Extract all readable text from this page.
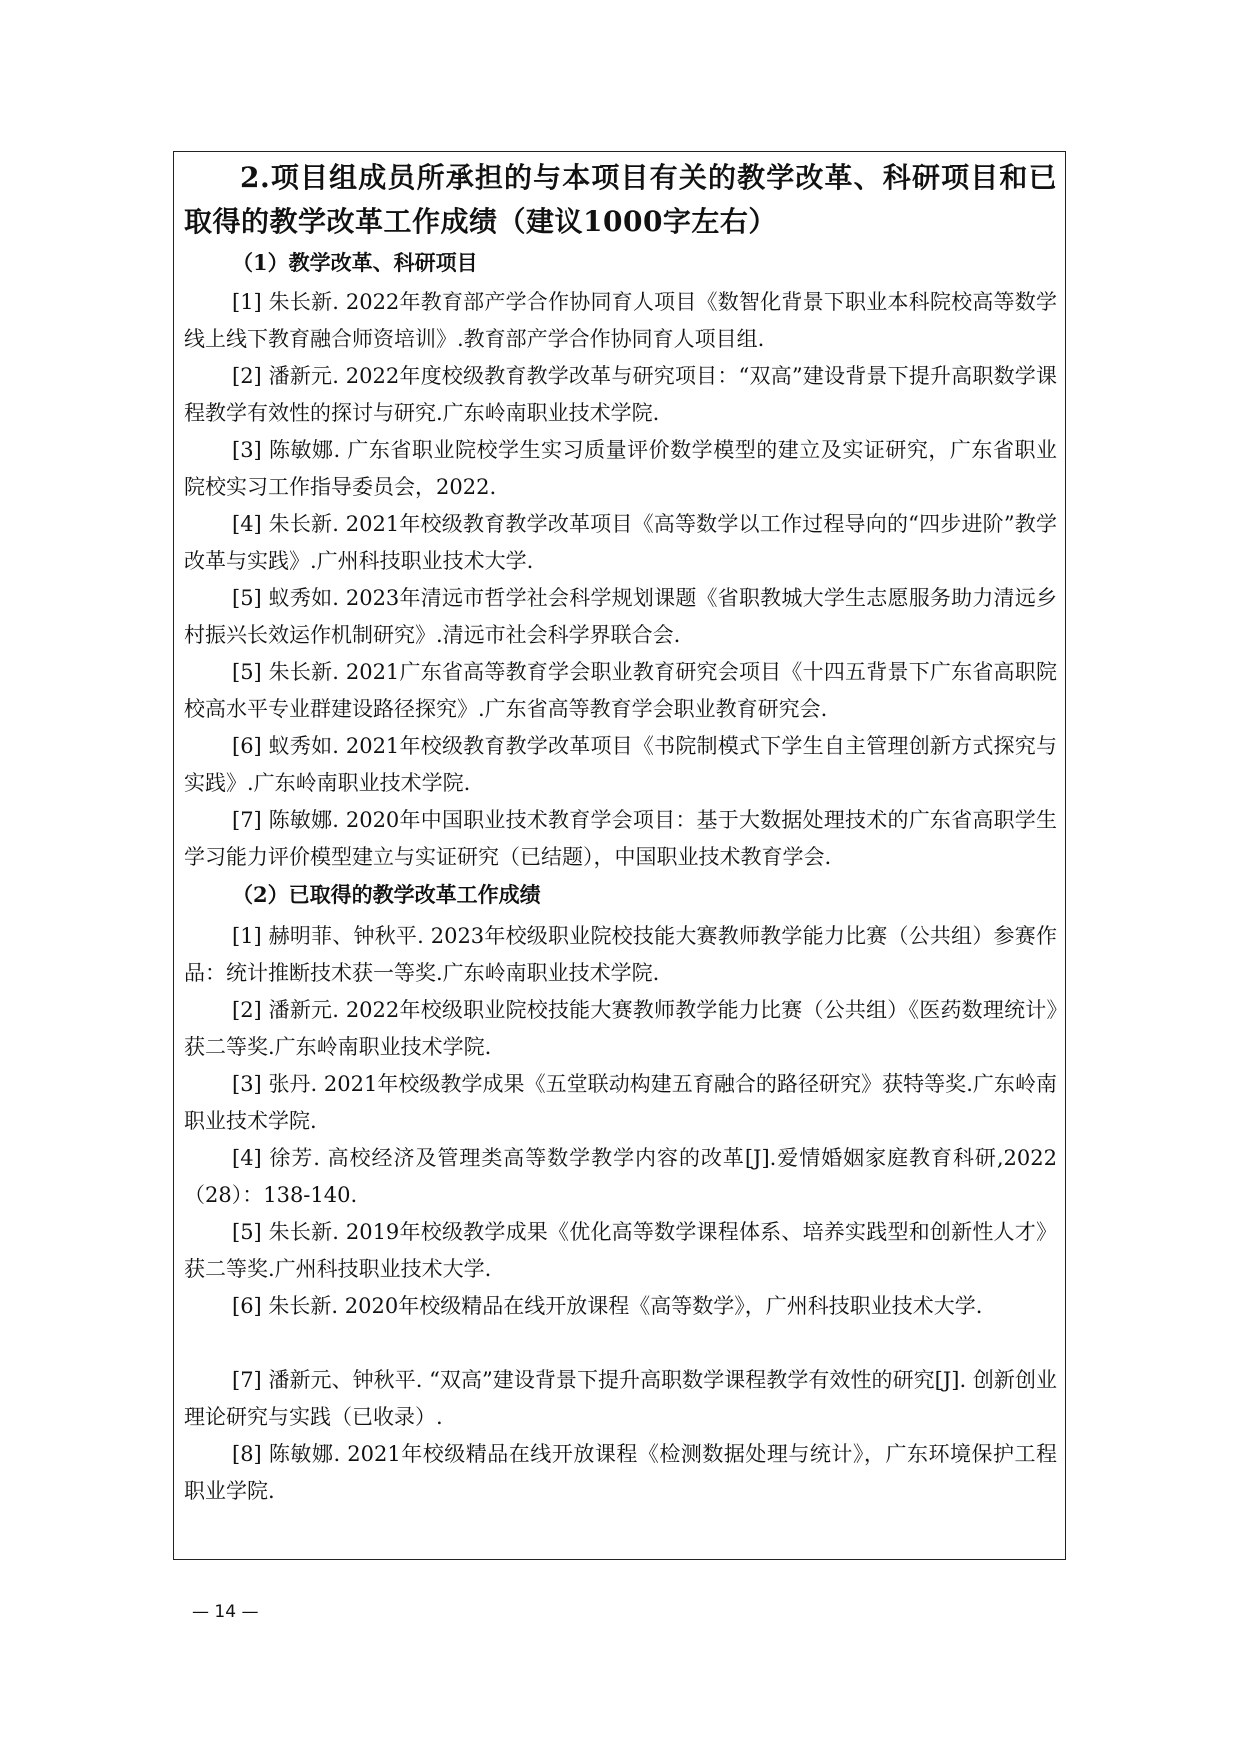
2.项目组成员所承担的与本项目有关的教学改革、科研项目和已取得的教学改革工作成绩（建议1000字左右）

（1）教学改革、科研项目

[1] 朱长新. 2022年教育部产学合作协同育人项目《数智化背景下职业本科院校高等数学线上线下教育融合师资培训》.教育部产学合作协同育人项目组.
[2] 潘新元. 2022年度校级教育教学改革与研究项目：“双高”建设背景下提升高职数学课程教学有效性的探讨与研究.广东岭南职业技术学院.
[3] 陈敏娜. 广东省职业院校学生实习质量评价数学模型的建立及实证研究，广东省职业院校实习工作指导委员会，2022.
[4] 朱长新. 2021年校级教育教学改革项目《高等数学以工作过程导向的“四步进阶”教学改革与实践》.广州科技职业技术大学.
[5] 蚁秀如. 2023年清远市哲学社会科学规划课题《省职教城大学生志愿服务助力清远乡村振兴长效运作机制研究》.清远市社会科学界联合会.
[5] 朱长新. 2021广东省高等教育学会职业教育研究会项目《十四五背景下广东省高职院校高水平专业群建设路径探究》.广东省高等教育学会职业教育研究会.
[6] 蚁秀如. 2021年校级教育教学改革项目《书院制模式下学生自主管理创新方式探究与实践》.广东岭南职业技术学院.
[7] 陈敏娜. 2020年中国职业技术教育学会项目：基于大数据处理技术的广东省高职学生学习能力评价模型建立与实证研究（已结题），中国职业技术教育学会.

（2）已取得的教学改革工作成绩

[1] 赫明菲、钟秋平. 2023年校级职业院校技能大赛教师教学能力比赛（公共组）参赛作品：统计推断技术获一等奖.广东岭南职业技术学院.
[2] 潘新元. 2022年校级职业院校技能大赛教师教学能力比赛（公共组）《医药数理统计》获二等奖.广东岭南职业技术学院.
[3] 张丹. 2021年校级教学成果《五堂联动构建五育融合的路径研究》获特等奖.广东岭南职业技术学院.
[4] 徐芳. 高校经济及管理类高等数学教学内容的改革[J].爱情婚姻家庭教育科研,2022（28）：138-140.
[5] 朱长新. 2019年校级教学成果《优化高等数学课程体系、培养实践型和创新性人才》获二等奖.广州科技职业技术大学.
[6] 朱长新. 2020年校级精品在线开放课程《高等数学》，广州科技职业技术大学.
[7] 潘新元、钟秋平. “双高”建设背景下提升高职数学课程教学有效性的研究[J]. 创新创业理论研究与实践（已收录）.
[8] 陈敏娜. 2021年校级精品在线开放课程《检测数据处理与统计》，广东环境保护工程职业学院.
— 14 —
